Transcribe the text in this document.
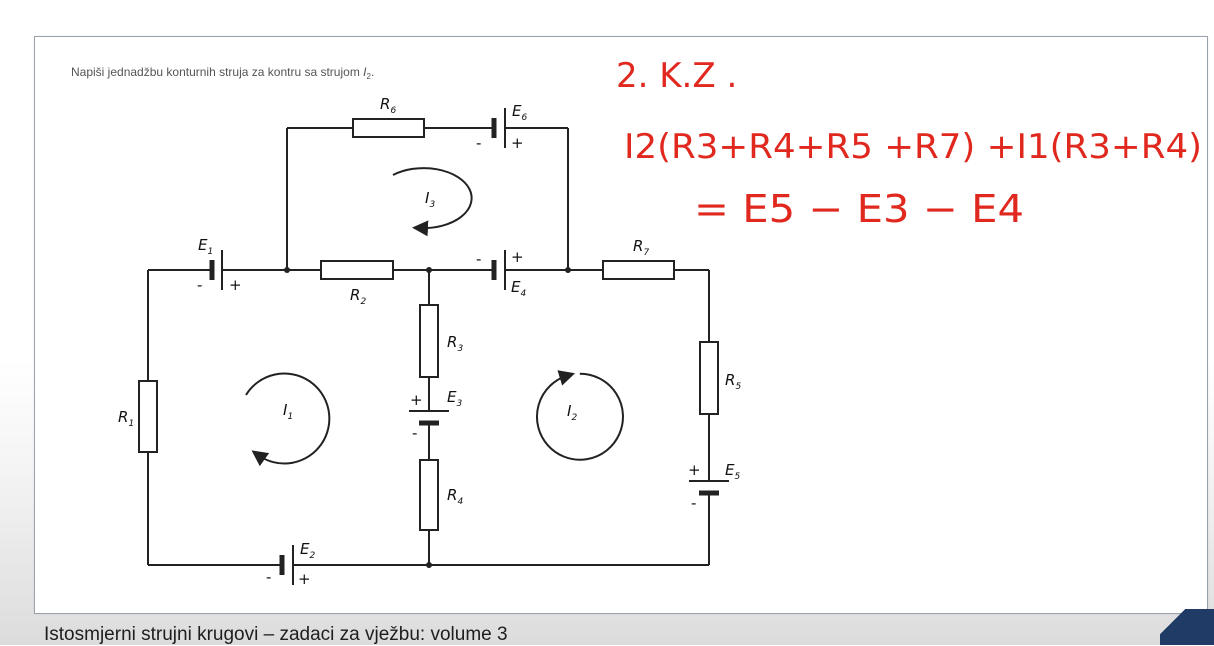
Napiši jednadžbu konturnih struja za kontru sa strujom $I_2$.
$R_6$	$E_6$
- +
$I_3$
$E_1$
- +
$R_2$
- +
$E_4$
$R_7$
$R_3$
+ $E_3$
-
$R_4$
$R_1$
$I_1$	$I_2$
$R_5$
+ $E_5$
-
$E_2$
- +
2. K.Z .
I2(R3+R4+R5 +R7) +I1(R3+R4)
= E5 − E3 − E4
Istosmjerni strujni krugovi – zadaci za vježbu: volume 3
